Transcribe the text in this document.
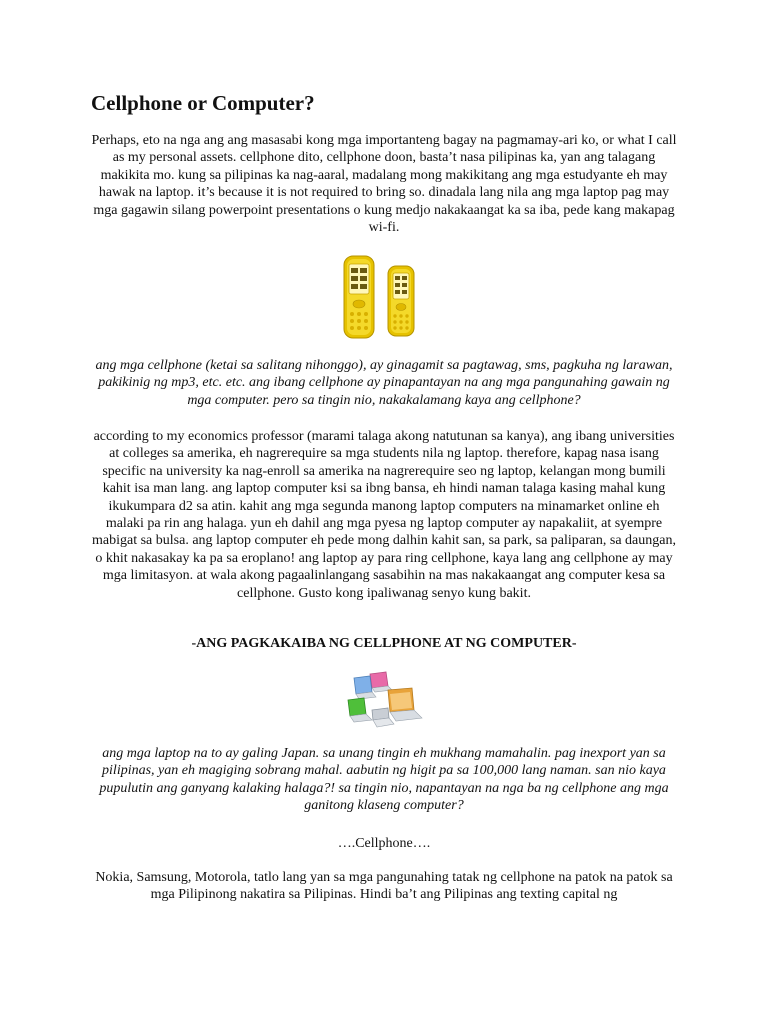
Cellphone or Computer?

Perhaps, eto na nga ang ang masasabi kong mga importanteng bagay na pagmamay-ari ko, or what I call as my personal assets. cellphone dito, cellphone doon, basta’t nasa pilipinas ka, yan ang talagang makikita mo. kung sa pilipinas ka nag-aaral, madalang mong makikitang ang mga estudyante eh may hawak na laptop. it’s because it is not required to bring so. dinadala lang nila ang mga laptop pag may mga gagawin silang powerpoint presentations o kung medjo nakakaangat ka sa iba, pede kang makapag wi-fi.

ang mga cellphone (ketai sa salitang nihonggo), ay ginagamit sa pagtawag, sms, pagkuha ng larawan, pakikinig ng mp3, etc. etc. ang ibang cellphone ay pinapantayan na ang mga pangunahing gawain ng mga computer. pero sa tingin nio, nakakalamang kaya ang cellphone?

according to my economics professor (marami talaga akong natutunan sa kanya), ang ibang universities at colleges sa amerika, eh nagrerequire sa mga students nila ng laptop. therefore, kapag nasa isang specific na university ka nag-enroll sa amerika na nagrerequire seo ng laptop, kelangan mong bumili kahit isa man lang. ang laptop computer ksi sa ibng bansa, eh hindi naman talaga kasing mahal kung ikukumpara d2 sa atin. kahit ang mga segunda manong laptop computers na minamarket online eh malaki pa rin ang halaga. yun eh dahil ang mga pyesa ng laptop computer ay napakaliit, at syempre mabigat sa bulsa. ang laptop computer eh pede mong dalhin kahit san, sa park, sa paliparan, sa daungan, o khit nakasakay ka pa sa eroplano! ang laptop ay para ring cellphone, kaya lang ang cellphone ay may mga limitasyon. at wala akong pagaalinlangang sasabihin na mas nakakaangat ang computer kesa sa cellphone. Gusto kong ipaliwanag senyo kung bakit.

-ANG PAGKAKAIBA NG CELLPHONE AT NG COMPUTER-

ang mga laptop na to ay galing Japan. sa unang tingin eh mukhang mamahalin. pag inexport yan sa pilipinas, yan eh magiging sobrang mahal. aabutin ng higit pa sa 100,000 lang naman. san nio kaya pupulutin ang ganyang kalaking halaga?! sa tingin nio, napantayan na nga ba ng cellphone ang mga ganitong klaseng computer?

….Cellphone….

Nokia, Samsung, Motorola, tatlo lang yan sa mga pangunahing tatak ng cellphone na patok na patok sa mga Pilipinong nakatira sa Pilipinas. Hindi ba’t ang Pilipinas ang texting capital ng
